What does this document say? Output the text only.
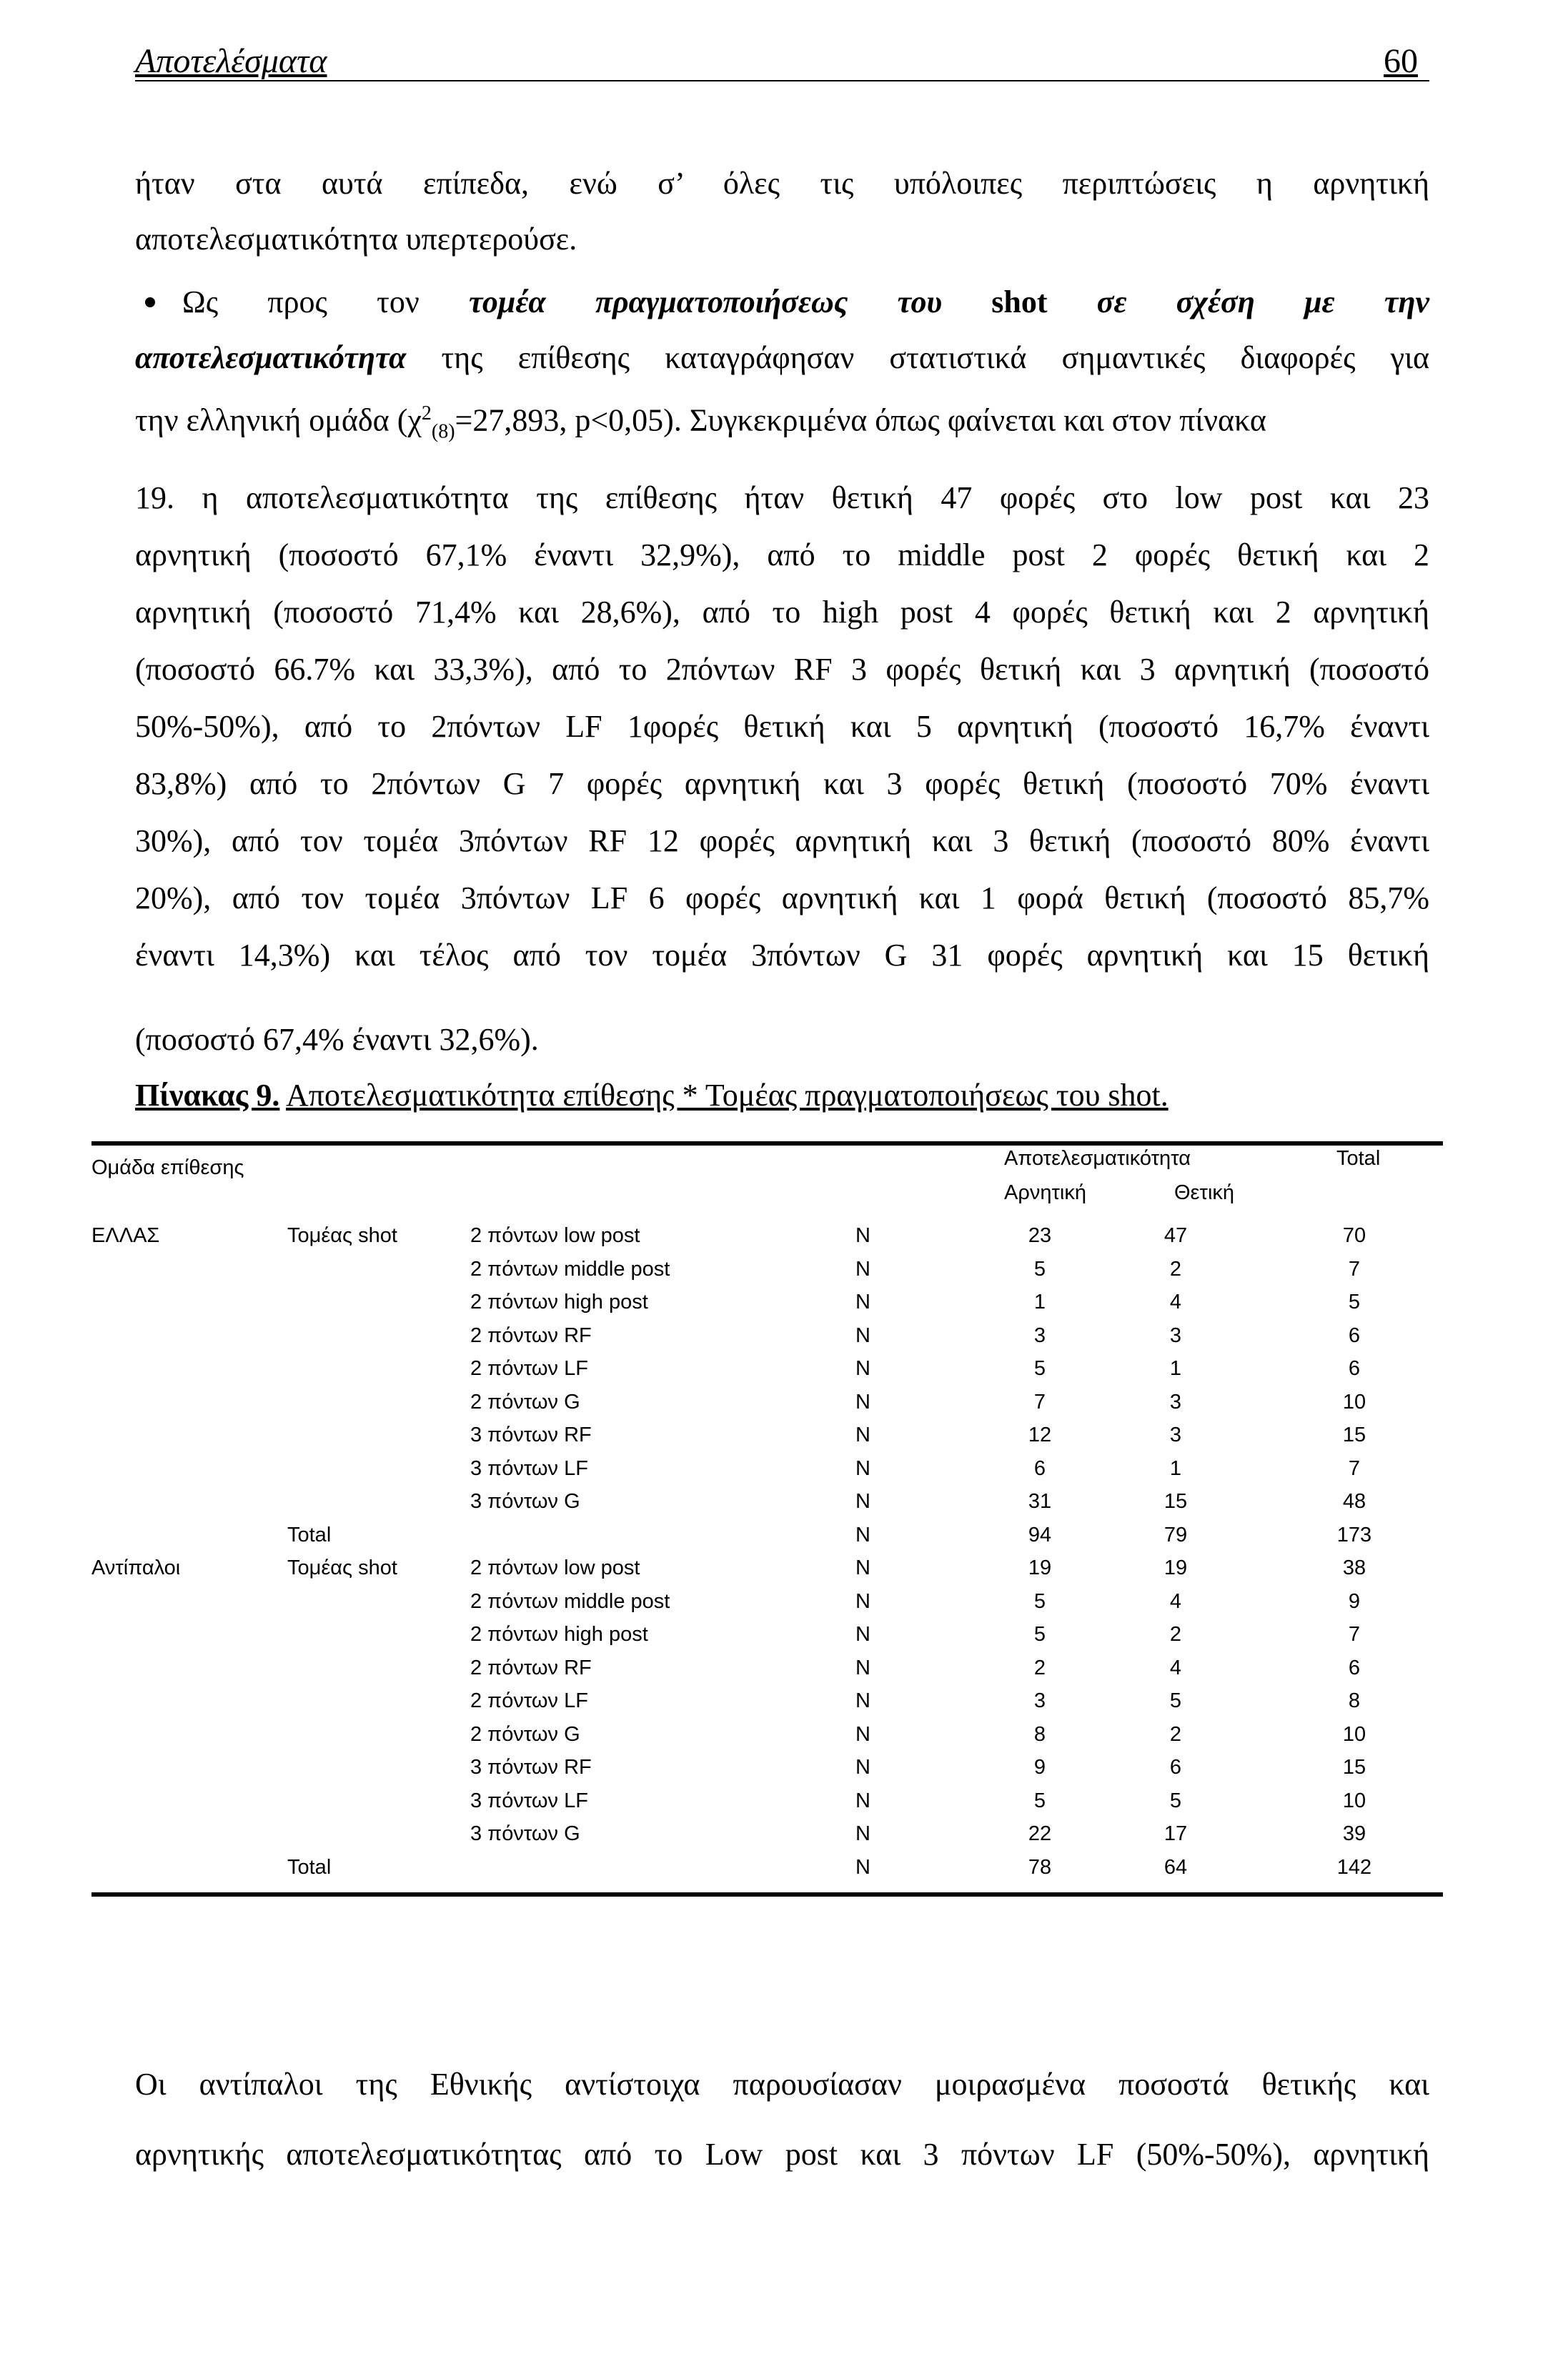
Αποτελέσματα	60
ήταν στα αυτά επίπεδα, ενώ σ’ όλες τις υπόλοιπες περιπτώσεις η αρνητική
αποτελεσματικότητα υπερτερούσε.
Ως προς τον τομέα πραγματοποιήσεως του shot σε σχέση με την
αποτελεσματικότητα της επίθεσης καταγράφησαν στατιστικά σημαντικές διαφορές για
την ελληνική ομάδα ($\chi^2_{(8)}=27,893$, p<0,05). Συγκεκριμένα όπως φαίνεται και στον πίνακα
19. η αποτελεσματικότητα της επίθεσης ήταν θετική 47 φορές στο low post και 23
αρνητική (ποσοστό 67,1% έναντι 32,9%), από το middle post 2 φορές θετική και 2
αρνητική (ποσοστό 71,4% και 28,6%), από το high post 4 φορές θετική και 2 αρνητική
(ποσοστό 66.7% και 33,3%), από το 2πόντων RF 3 φορές θετική και 3 αρνητική (ποσοστό
50%-50%), από το 2πόντων LF 1φορές θετική και 5 αρνητική (ποσοστό 16,7% έναντι
83,8%) από το 2πόντων G 7 φορές αρνητική και 3 φορές θετική (ποσοστό 70% έναντι
30%), από τον τομέα 3πόντων RF 12 φορές αρνητική και 3 θετική (ποσοστό 80% έναντι
20%), από τον τομέα 3πόντων LF 6 φορές αρνητική και 1 φορά θετική (ποσοστό 85,7%
έναντι 14,3%) και τέλος από τον τομέα 3πόντων G 31 φορές αρνητική και 15 θετική
(ποσοστό 67,4% έναντι 32,6%).
Πίνακας 9. Αποτελεσματικότητα επίθεσης * Τομέας πραγματοποιήσεως του shot.
Ομάδα επίθεσης	Αποτελεσματικότητα	Total
Αρνητική	Θετική
ΕΛΛΑΣ	Τομέας shot	2 πόντων low post	N	23	47	70
2 πόντων middle post	N	5	2	7
2 πόντων high post	N	1	4	5
2 πόντων RF	N	3	3	6
2 πόντων LF	N	5	1	6
2 πόντων G	N	7	3	10
3 πόντων RF	N	12	3	15
3 πόντων LF	N	6	1	7
3 πόντων G	N	31	15	48
Total	N	94	79	173
Αντίπαλοι	Τομέας shot	2 πόντων low post	N	19	19	38
2 πόντων middle post	N	5	4	9
2 πόντων high post	N	5	2	7
2 πόντων RF	N	2	4	6
2 πόντων LF	N	3	5	8
2 πόντων G	N	8	2	10
3 πόντων RF	N	9	6	15
3 πόντων LF	N	5	5	10
3 πόντων G	N	22	17	39
Total	N	78	64	142
Οι αντίπαλοι της Εθνικής αντίστοιχα παρουσίασαν μοιρασμένα ποσοστά θετικής και
αρνητικής αποτελεσματικότητας από το Low post και 3 πόντων LF (50%-50%), αρνητική
